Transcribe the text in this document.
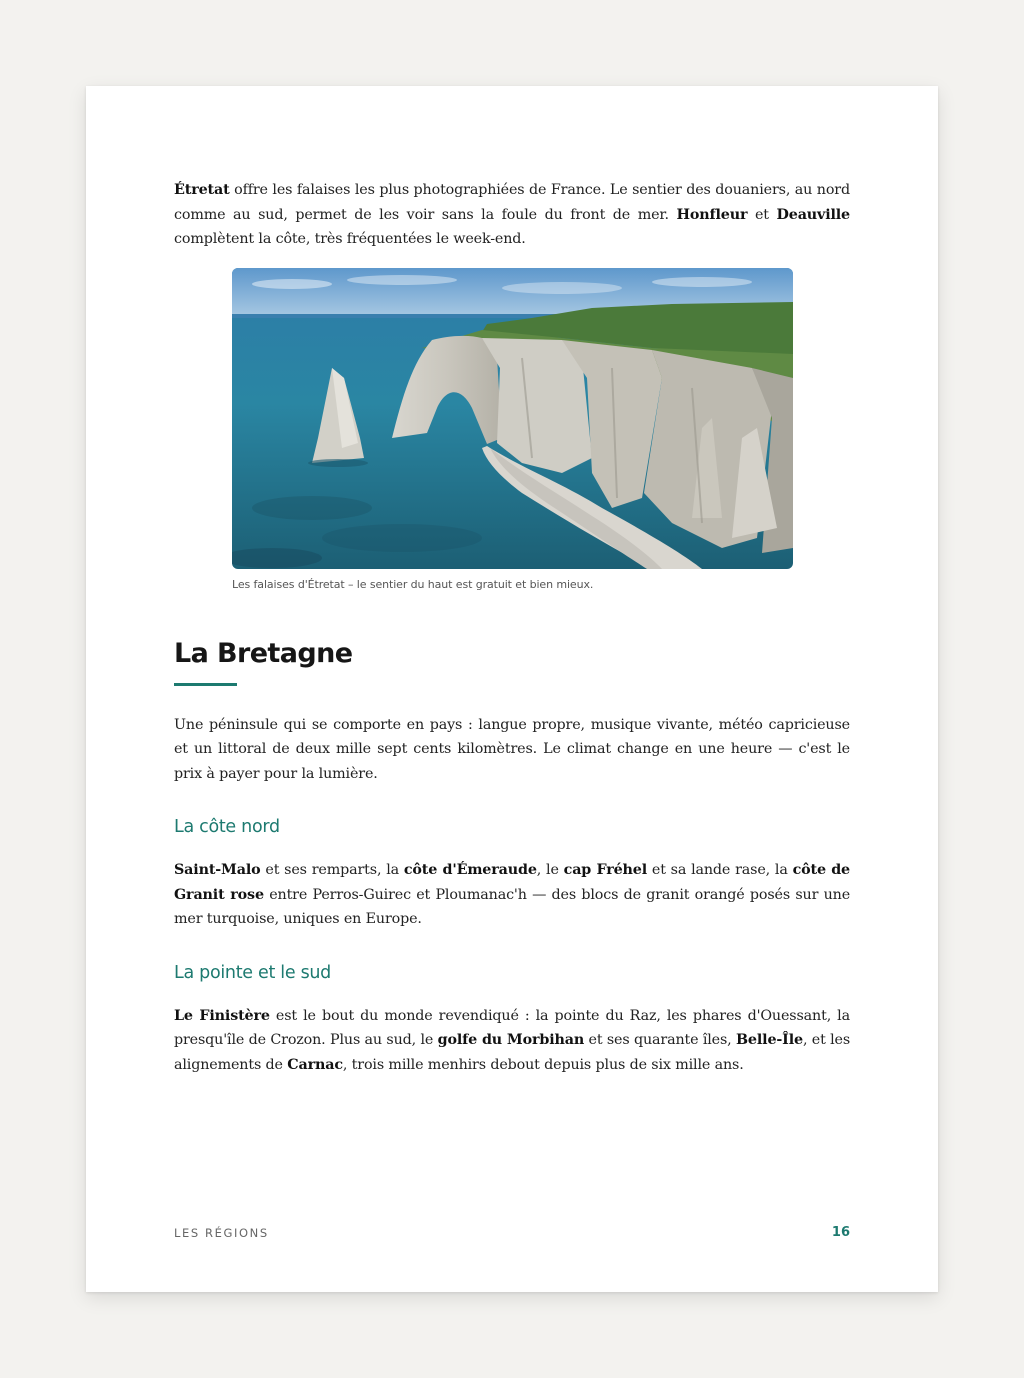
Étretat offre les falaises les plus photographiées de France. Le sentier des douaniers, au nord comme au sud, permet de les voir sans la foule du front de mer. Honfleur et Deauville complètent la côte, très fréquentées le week-end.

Les falaises d'Étretat – le sentier du haut est gratuit et bien mieux.
La Bretagne

Une péninsule qui se comporte en pays : langue propre, musique vivante, météo capricieuse et un littoral de deux mille sept cents kilomètres. Le climat change en une heure — c'est le prix à payer pour la lumière.

La côte nord

Saint-Malo et ses remparts, la côte d'Émeraude, le cap Fréhel et sa lande rase, la côte de Granit rose entre Perros-Guirec et Ploumanac'h — des blocs de granit orangé posés sur une mer turquoise, uniques en Europe.

La pointe et le sud

Le Finistère est le bout du monde revendiqué : la pointe du Raz, les phares d'Ouessant, la presqu'île de Crozon. Plus au sud, le golfe du Morbihan et ses quarante îles, Belle-Île, et les alignements de Carnac, trois mille menhirs debout depuis plus de six mille ans.

LES RÉGIONS	16
